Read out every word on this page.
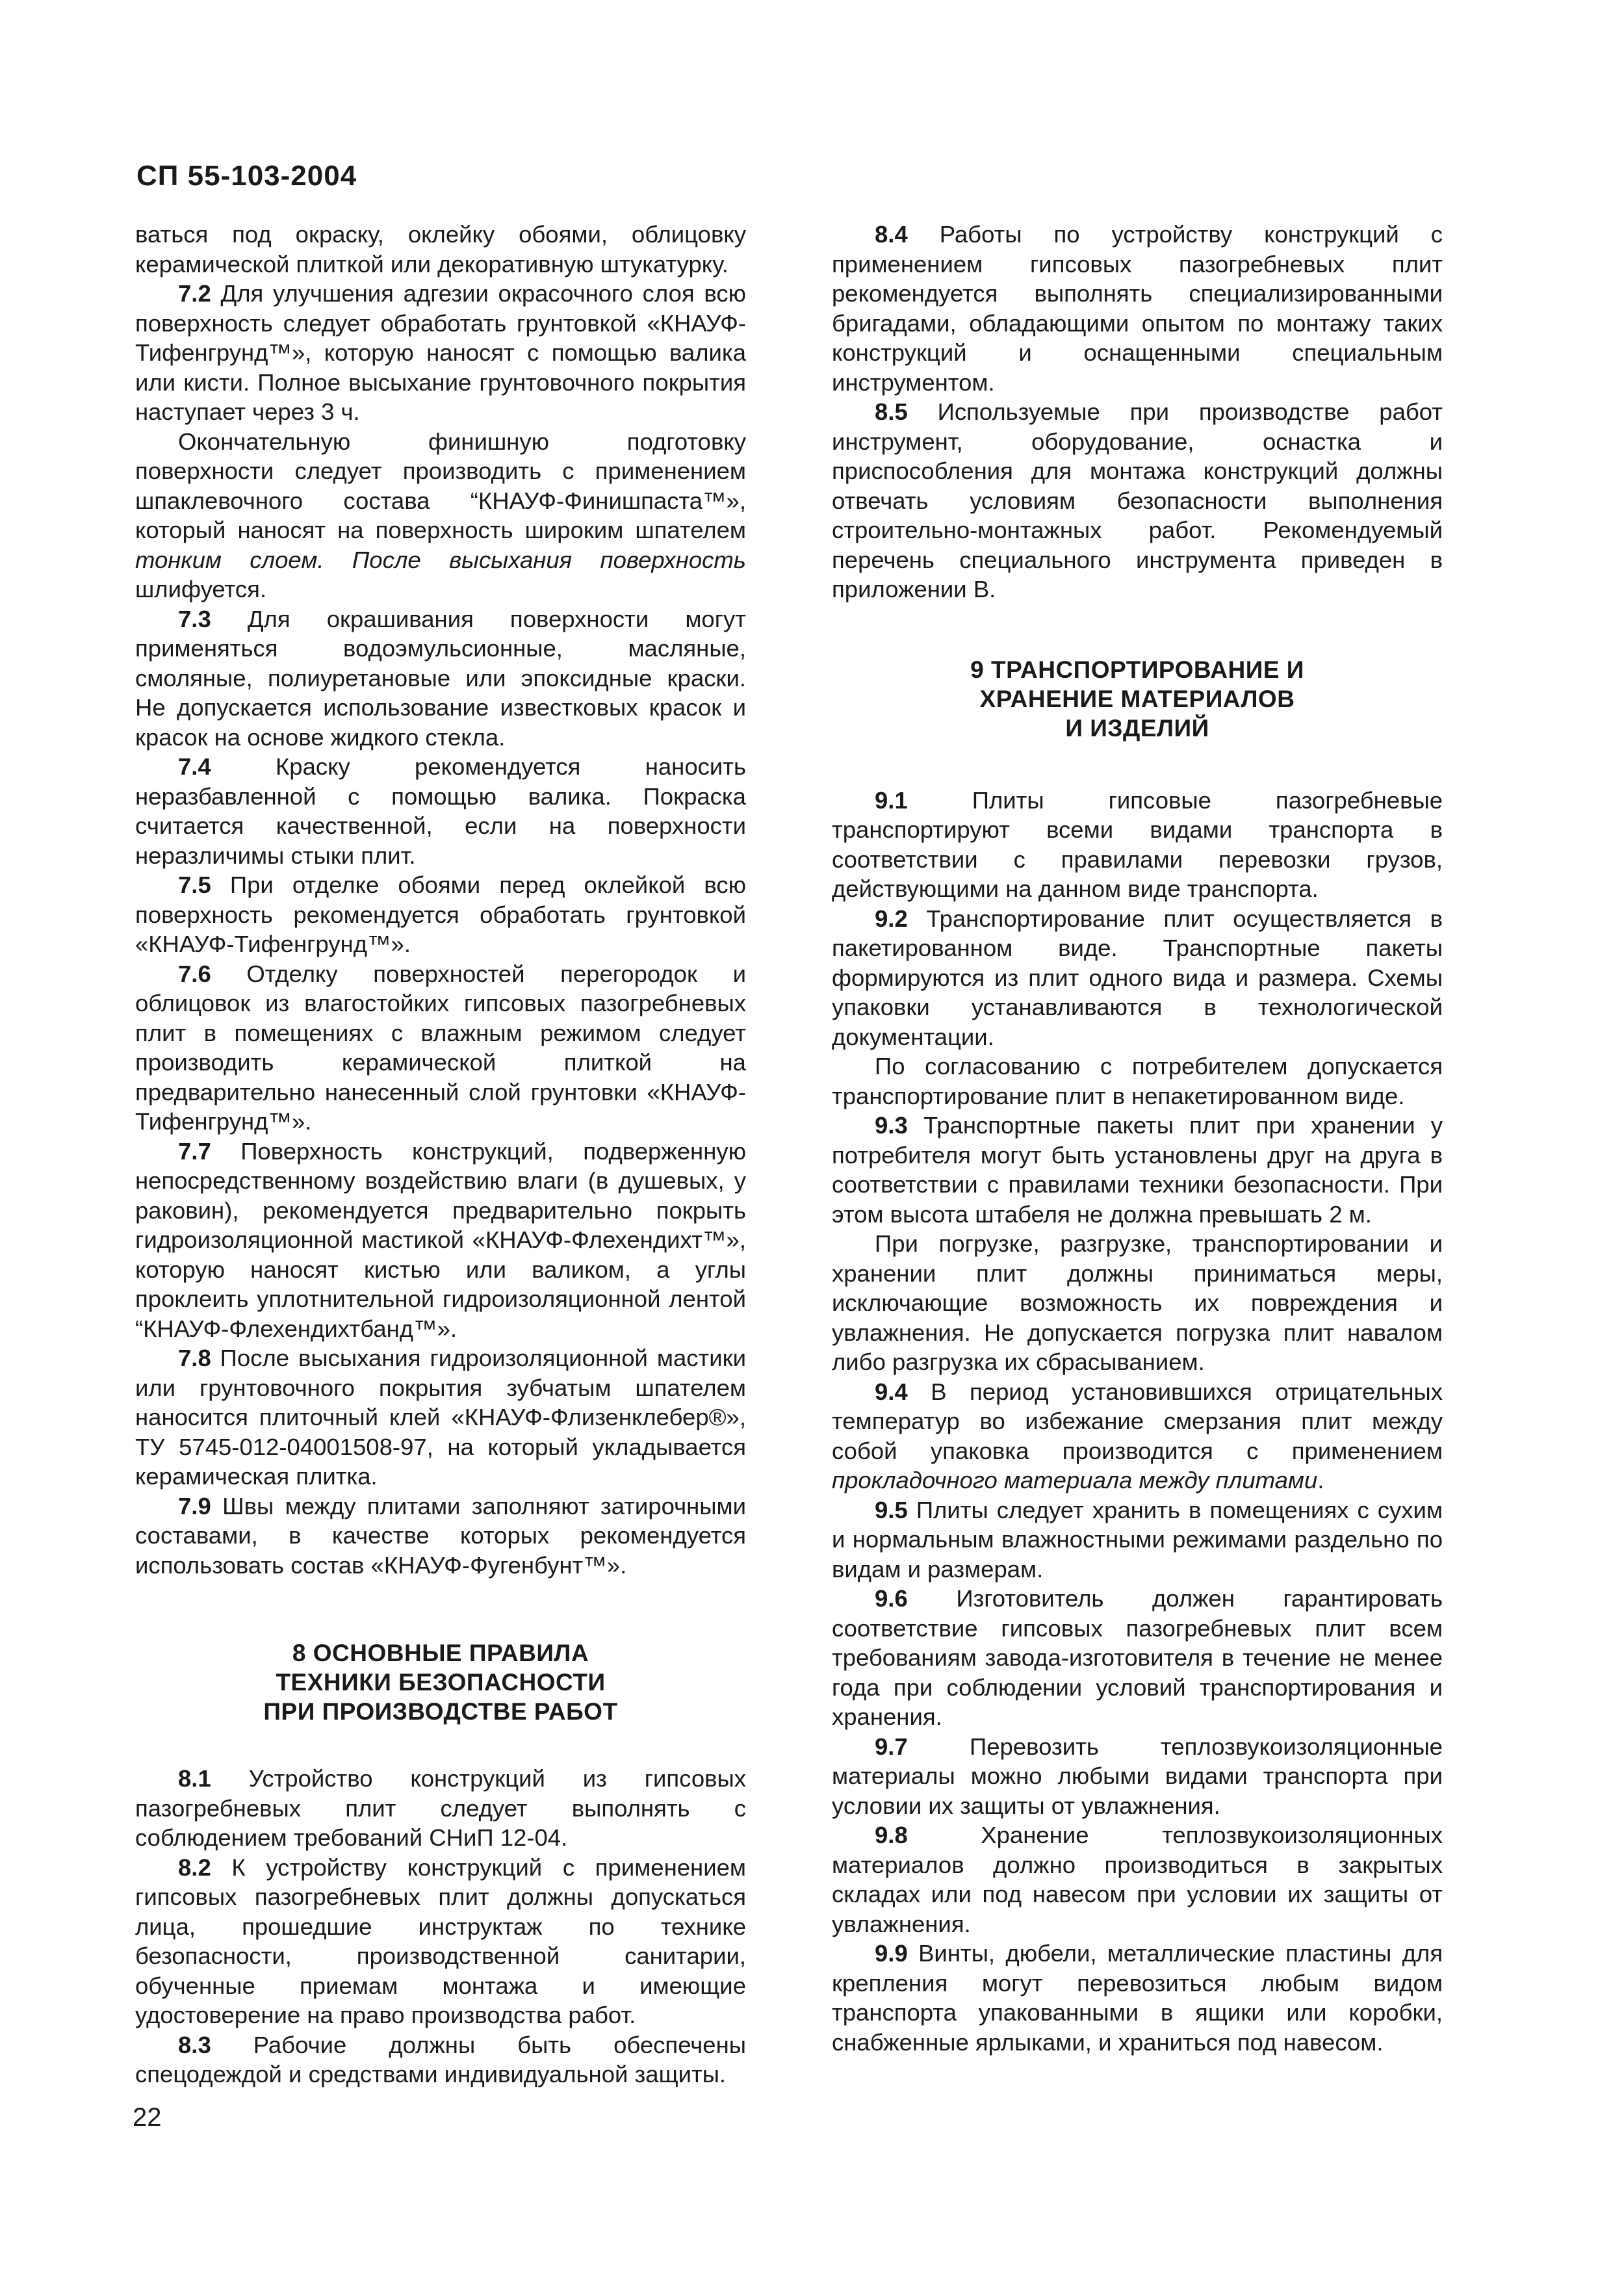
СП 55-103-2004

ваться под окраску, оклейку обоями, облицовку керамической плиткой или декоративную штукатурку.

7.2 Для улучшения адгезии окрасочного слоя всю поверхность следует обработать грунтовкой «КНАУФ-Тифенгрунд™», которую наносят с помощью валика или кисти. Полное высыхание грунтовочного покрытия наступает через 3 ч.

Окончательную финишную подготовку поверхности следует производить с применением шпаклевочного состава “КНАУФ-Финишпаста™», который наносят на поверхность широким шпателем тонким слоем. После высыхания поверхность шлифуется.

7.3 Для окрашивания поверхности могут применяться водоэмульсионные, масляные, смоляные, полиуретановые или эпоксидные краски. Не допускается использование известковых красок и красок на основе жидкого стекла.

7.4 Краску рекомендуется наносить неразбавленной с помощью валика. Покраска считается качественной, если на поверхности неразличимы стыки плит.

7.5 При отделке обоями перед оклейкой всю поверхность рекомендуется обработать грунтовкой «КНАУФ-Тифенгрунд™».

7.6 Отделку поверхностей перегородок и облицовок из влагостойких гипсовых пазогребневых плит в помещениях с влажным режимом следует производить керамической плиткой на предварительно нанесенный слой грунтовки «КНАУФ-Тифенгрунд™».

7.7 Поверхность конструкций, подверженную непосредственному воздействию влаги (в душевых, у раковин), рекомендуется предварительно покрыть гидроизоляционной мастикой «КНАУФ-Флехендихт™», которую наносят кистью или валиком, а углы проклеить уплотнительной гидроизоляционной лентой “КНАУФ-Флехендихтбанд™».

7.8 После высыхания гидроизоляционной мастики или грунтовочного покрытия зубчатым шпателем наносится плиточный клей «КНАУФ-Флизенклебер®», ТУ 5745-012-04001508-97, на который укладывается керамическая плитка.

7.9 Швы между плитами заполняют затирочными составами, в качестве которых рекомендуется использовать состав «КНАУФ-Фугенбунт™».

8 ОСНОВНЫЕ ПРАВИЛА
ТЕХНИКИ БЕЗОПАСНОСТИ
ПРИ ПРОИЗВОДСТВЕ РАБОТ

8.1 Устройство конструкций из гипсовых пазогребневых плит следует выполнять с соблюдением требований СНиП 12-04.

8.2 К устройству конструкций с применением гипсовых пазогребневых плит должны допускаться лица, прошедшие инструктаж по технике безопасности, производственной санитарии, обученные приемам монтажа и имеющие удостоверение на право производства работ.

8.3 Рабочие должны быть обеспечены спецодеждой и средствами индивидуальной защиты.

8.4 Работы по устройству конструкций с применением гипсовых пазогребневых плит рекомендуется выполнять специализированными бригадами, обладающими опытом по монтажу таких конструкций и оснащенными специальным инструментом.

8.5 Используемые при производстве работ инструмент, оборудование, оснастка и приспособления для монтажа конструкций должны отвечать условиям безопасности выполнения строительно-монтажных работ. Рекомендуемый перечень специального инструмента приведен в приложении В.

9 ТРАНСПОРТИРОВАНИЕ И
ХРАНЕНИЕ МАТЕРИАЛОВ
И ИЗДЕЛИЙ

9.1 Плиты гипсовые пазогребневые транспортируют всеми видами транспорта в соответствии с правилами перевозки грузов, действующими на данном виде транспорта.

9.2 Транспортирование плит осуществляется в пакетированном виде. Транспортные пакеты формируются из плит одного вида и размера. Схемы упаковки устанавливаются в технологической документации.

По согласованию с потребителем допускается транспортирование плит в непакетированном виде.

9.3 Транспортные пакеты плит при хранении у потребителя могут быть установлены друг на друга в соответствии с правилами техники безопасности. При этом высота штабеля не должна превышать 2 м.

При погрузке, разгрузке, транспортировании и хранении плит должны приниматься меры, исключающие возможность их повреждения и увлажнения. Не допускается погрузка плит навалом либо разгрузка их сбрасыванием.

9.4 В период установившихся отрицательных температур во избежание смерзания плит между собой упаковка производится с применением прокладочного материала между плитами.

9.5 Плиты следует хранить в помещениях с сухим и нормальным влажностными режимами раздельно по видам и размерам.

9.6 Изготовитель должен гарантировать соответствие гипсовых пазогребневых плит всем требованиям завода-изготовителя в течение не менее года при соблюдении условий транспортирования и хранения.

9.7 Перевозить теплозвукоизоляционные материалы можно любыми видами транспорта при условии их защиты от увлажнения.

9.8 Хранение теплозвукоизоляционных материалов должно производиться в закрытых складах или под навесом при условии их защиты от увлажнения.

9.9 Винты, дюбели, металлические пластины для крепления могут перевозиться любым видом транспорта упакованными в ящики или коробки, снабженные ярлыками, и храниться под навесом.

22
